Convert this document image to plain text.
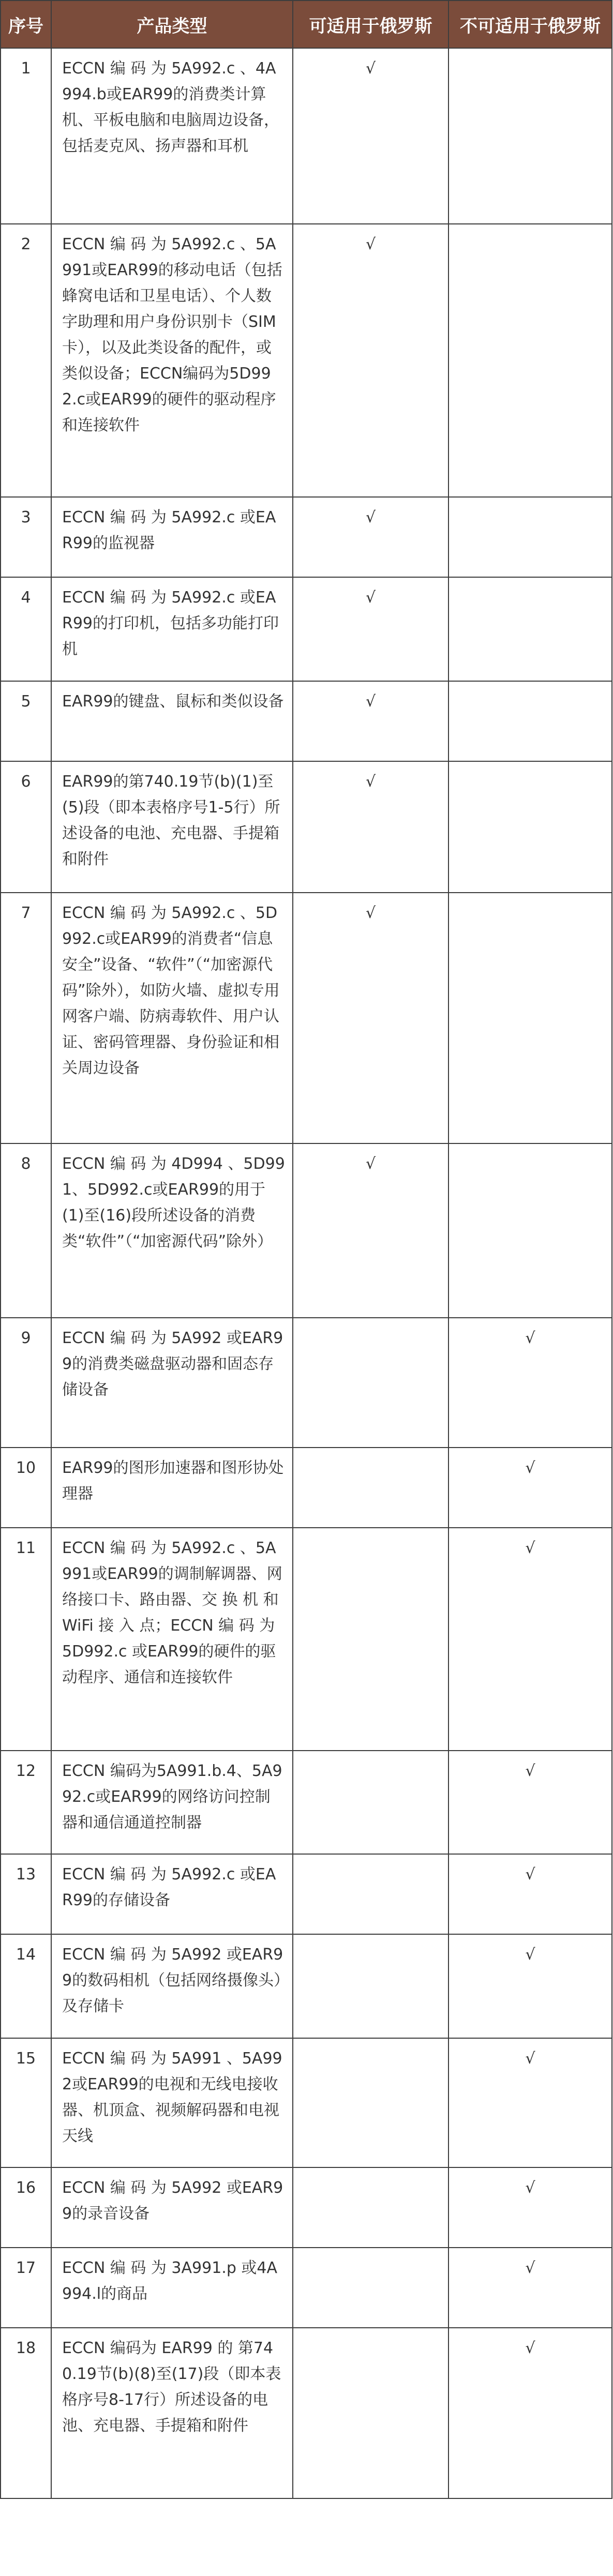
序号	产品类型	可适用于俄罗斯	不可适用于俄罗斯
1	ECCN 编 码 为 5A992.c 、4A994.b或EAR99的消费类计算机、平板电脑和电脑周边设备，包括麦克风、扬声器和耳机	√	
2	ECCN 编 码 为 5A992.c 、5A991或EAR99的移动电话（包括蜂窝电话和卫星电话）、个人数字助理和用户身份识别卡（SIM卡），以及此类设备的配件，或类似设备；ECCN编码为5D992.c或EAR99的硬件的驱动程序和连接软件	√	
3	ECCN 编 码 为 5A992.c 或EAR99的监视器	√	
4	ECCN 编 码 为 5A992.c 或EAR99的打印机，包括多功能打印机	√	
5	EAR99的键盘、鼠标和类似设备	√	
6	EAR99的第740.19节(b)(1)至(5)段（即本表格序号1-5行）所述设备的电池、充电器、手提箱和附件	√	
7	ECCN 编 码 为 5A992.c 、5D992.c或EAR99的消费者“信息安全”设备、“软件”（“加密源代码”除外），如防火墙、虚拟专用网客户端、防病毒软件、用户认证、密码管理器、身份验证和相关周边设备	√	
8	ECCN 编 码 为 4D994 、5D991、5D992.c或EAR99的用于(1)至(16)段所述设备的消费类“软件”（“加密源代码”除外）	√	
9	ECCN 编 码 为 5A992 或EAR99的消费类磁盘驱动器和固态存储设备		√
10	EAR99的图形加速器和图形协处理器		√
11	ECCN 编 码 为 5A992.c 、5A991或EAR99的调制解调器、网络接口卡、路由器、交 换 机 和 WiFi 接 入 点；ECCN 编 码 为 5D992.c 或EAR99的硬件的驱动程序、通信和连接软件		√
12	ECCN 编码为5A991.b.4、5A992.c或EAR99的网络访问控制器和通信通道控制器		√
13	ECCN 编 码 为 5A992.c 或EAR99的存储设备		√
14	ECCN 编 码 为 5A992 或EAR99的数码相机（包括网络摄像头）及存储卡		√
15	ECCN 编 码 为 5A991 、5A992或EAR99的电视和无线电接收器、机顶盒、视频解码器和电视天线		√
16	ECCN 编 码 为 5A992 或EAR99的录音设备		√
17	ECCN 编 码 为 3A991.p 或4A994.l的商品		√
18	ECCN 编码为 EAR99 的 第740.19节(b)(8)至(17)段（即本表格序号8-17行）所述设备的电池、充电器、手提箱和附件		√
